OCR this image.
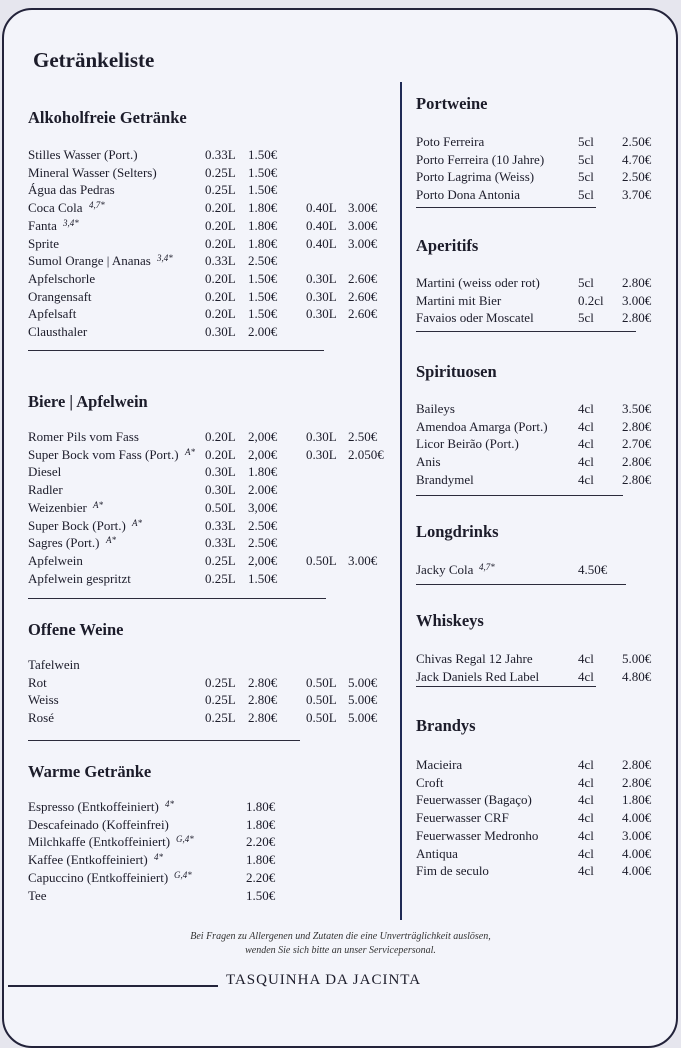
Getränkeliste
Alkoholfreie Getränke
Stilles Wasser (Port.)	0.33L 1.50€
Mineral Wasser (Selters)	0.25L 1.50€
Água das Pedras	0.25L 1.50€
Coca Cola 4,7*	0.20L 1.80€ 0.40L 3.00€
Fanta 3,4*	0.20L 1.80€ 0.40L 3.00€
Sprite	0.20L 1.80€ 0.40L 3.00€
Sumol Orange | Ananas 3,4* 0.33L 2.50€
Apfelschorle	0.20L 1.50€ 0.30L 2.60€
Orangensaft	0.20L 1.50€ 0.30L 2.60€
Apfelsaft	0.20L 1.50€ 0.30L 2.60€
Clausthaler	0.30L 2.00€
Biere | Apfelwein
Romer Pils vom Fass	0.20L 2,00€ 0.30L 2.50€
Super Bock vom Fass (Port.) A* 0.20L 2,00€ 0.30L 2.050€
Diesel	0.30L 1.80€
Radler	0.30L 2.00€
Weizenbier A*	0.50L 3,00€
Super Bock (Port.) A*	0.33L 2.50€
Sagres (Port.) A*	0.33L 2.50€
Apfelwein	0.25L 2,00€ 0.50L 3.00€
Apfelwein gespritzt	0.25L 1.50€
Offene Weine
Tafelwein
Rot	0.25L 2.80€ 0.50L 5.00€
Weiss	0.25L 2.80€ 0.50L 5.00€
Rosé	0.25L 2.80€ 0.50L 5.00€
Warme Getränke
Espresso (Entkoffeiniert) 4*	1.80€
Descafeinado (Koffeinfrei)	1.80€
Milchkaffe (Entkoffeiniert) G,4*	2.20€
Kaffee (Entkoffeiniert) 4*	1.80€
Capuccino (Entkoffeiniert) G,4*	2.20€
Tee	1.50€
Portweine
Poto Ferreira	5cl 2.50€
Porto Ferreira (10 Jahre)	5cl 4.70€
Porto Lagrima (Weiss)	5cl 2.50€
Porto Dona Antonia	5cl 3.70€
Aperitifs
Martini (weiss oder rot)	5cl 2.80€
Martini mit Bier	0.2cl 3.00€
Favaios oder Moscatel	5cl 2.80€
Spirituosen
Baileys	4cl 3.50€
Amendoa Amarga (Port.) 4cl 2.80€
Licor Beirão (Port.)	4cl 2.70€
Anis	4cl 2.80€
Brandymel	4cl 2.80€
Longdrinks
Jacky Cola 4,7*	4.50€
Whiskeys
Chivas Regal 12 Jahre	4cl 5.00€
Jack Daniels Red Label	4cl 4.80€
Brandys
Macieira	4cl 2.80€
Croft	4cl 2.80€
Feuerwasser (Bagaço)	4cl 1.80€
Feuerwasser CRF	4cl 4.00€
Feuerwasser Medronho	4cl 3.00€
Antiqua	4cl 4.00€
Fim de seculo	4cl 4.00€
Bei Fragen zu Allergenen und Zutaten die eine Unverträglichkeit auslösen,
wenden Sie sich bitte an unser Servicepersonal.
TASQUINHA DA JACINTA
